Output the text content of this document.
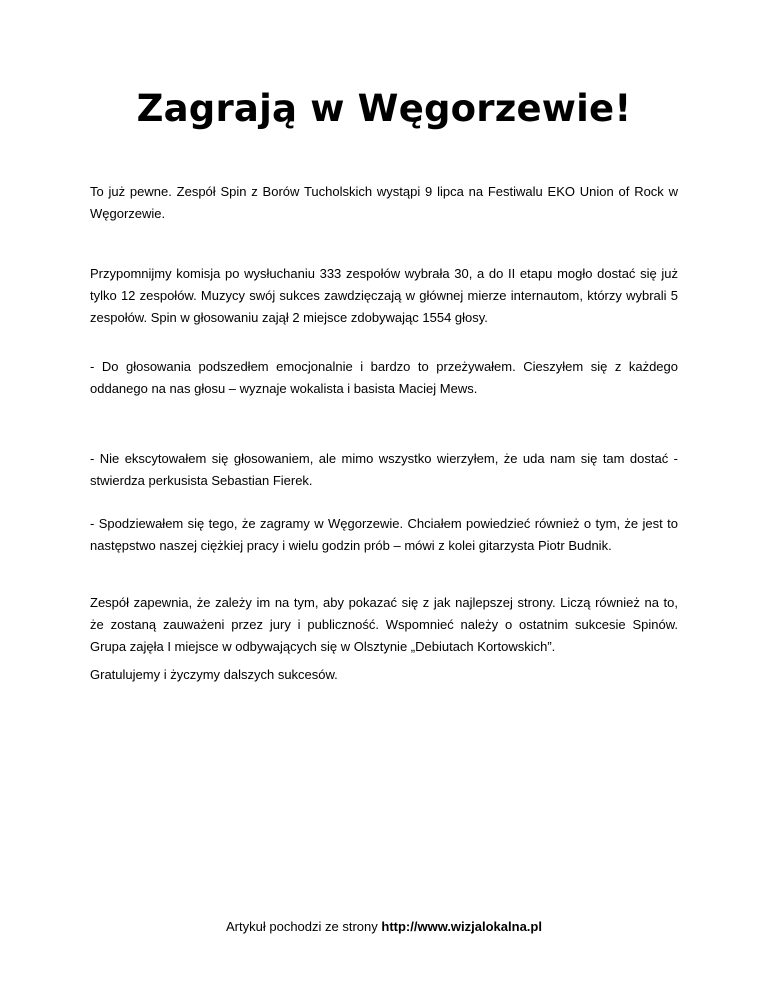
Zagrają w Węgorzewie!

To już pewne. Zespół Spin z Borów Tucholskich wystąpi 9 lipca na Festiwalu EKO Union of Rock w Węgorzewie.

Przypomnijmy komisja po wysłuchaniu 333 zespołów wybrała 30, a do II etapu mogło dostać się już tylko 12 zespołów. Muzycy swój sukces zawdzięczają w głównej mierze internautom, którzy wybrali 5 zespołów. Spin w głosowaniu zajął 2 miejsce zdobywając 1554 głosy.

- Do głosowania podszedłem emocjonalnie i bardzo to przeżywałem. Cieszyłem się z każdego oddanego na nas głosu – wyznaje wokalista i basista Maciej Mews.

- Nie ekscytowałem się głosowaniem, ale mimo wszystko wierzyłem, że uda nam się tam dostać - stwierdza perkusista Sebastian Fierek.

- Spodziewałem się tego, że zagramy w Węgorzewie. Chciałem powiedzieć również o tym, że jest to następstwo naszej ciężkiej pracy i wielu godzin prób – mówi z kolei gitarzysta Piotr Budnik.

Zespół zapewnia, że zależy im na tym, aby pokazać się z jak najlepszej strony. Liczą również na to, że zostaną zauważeni przez jury i publiczność. Wspomnieć należy o ostatnim sukcesie Spinów. Grupa zajęła I miejsce w odbywających się w Olsztynie „Debiutach Kortowskich”.

Gratulujemy i życzymy dalszych sukcesów.

Artykuł pochodzi ze strony http://www.wizjalokalna.pl
